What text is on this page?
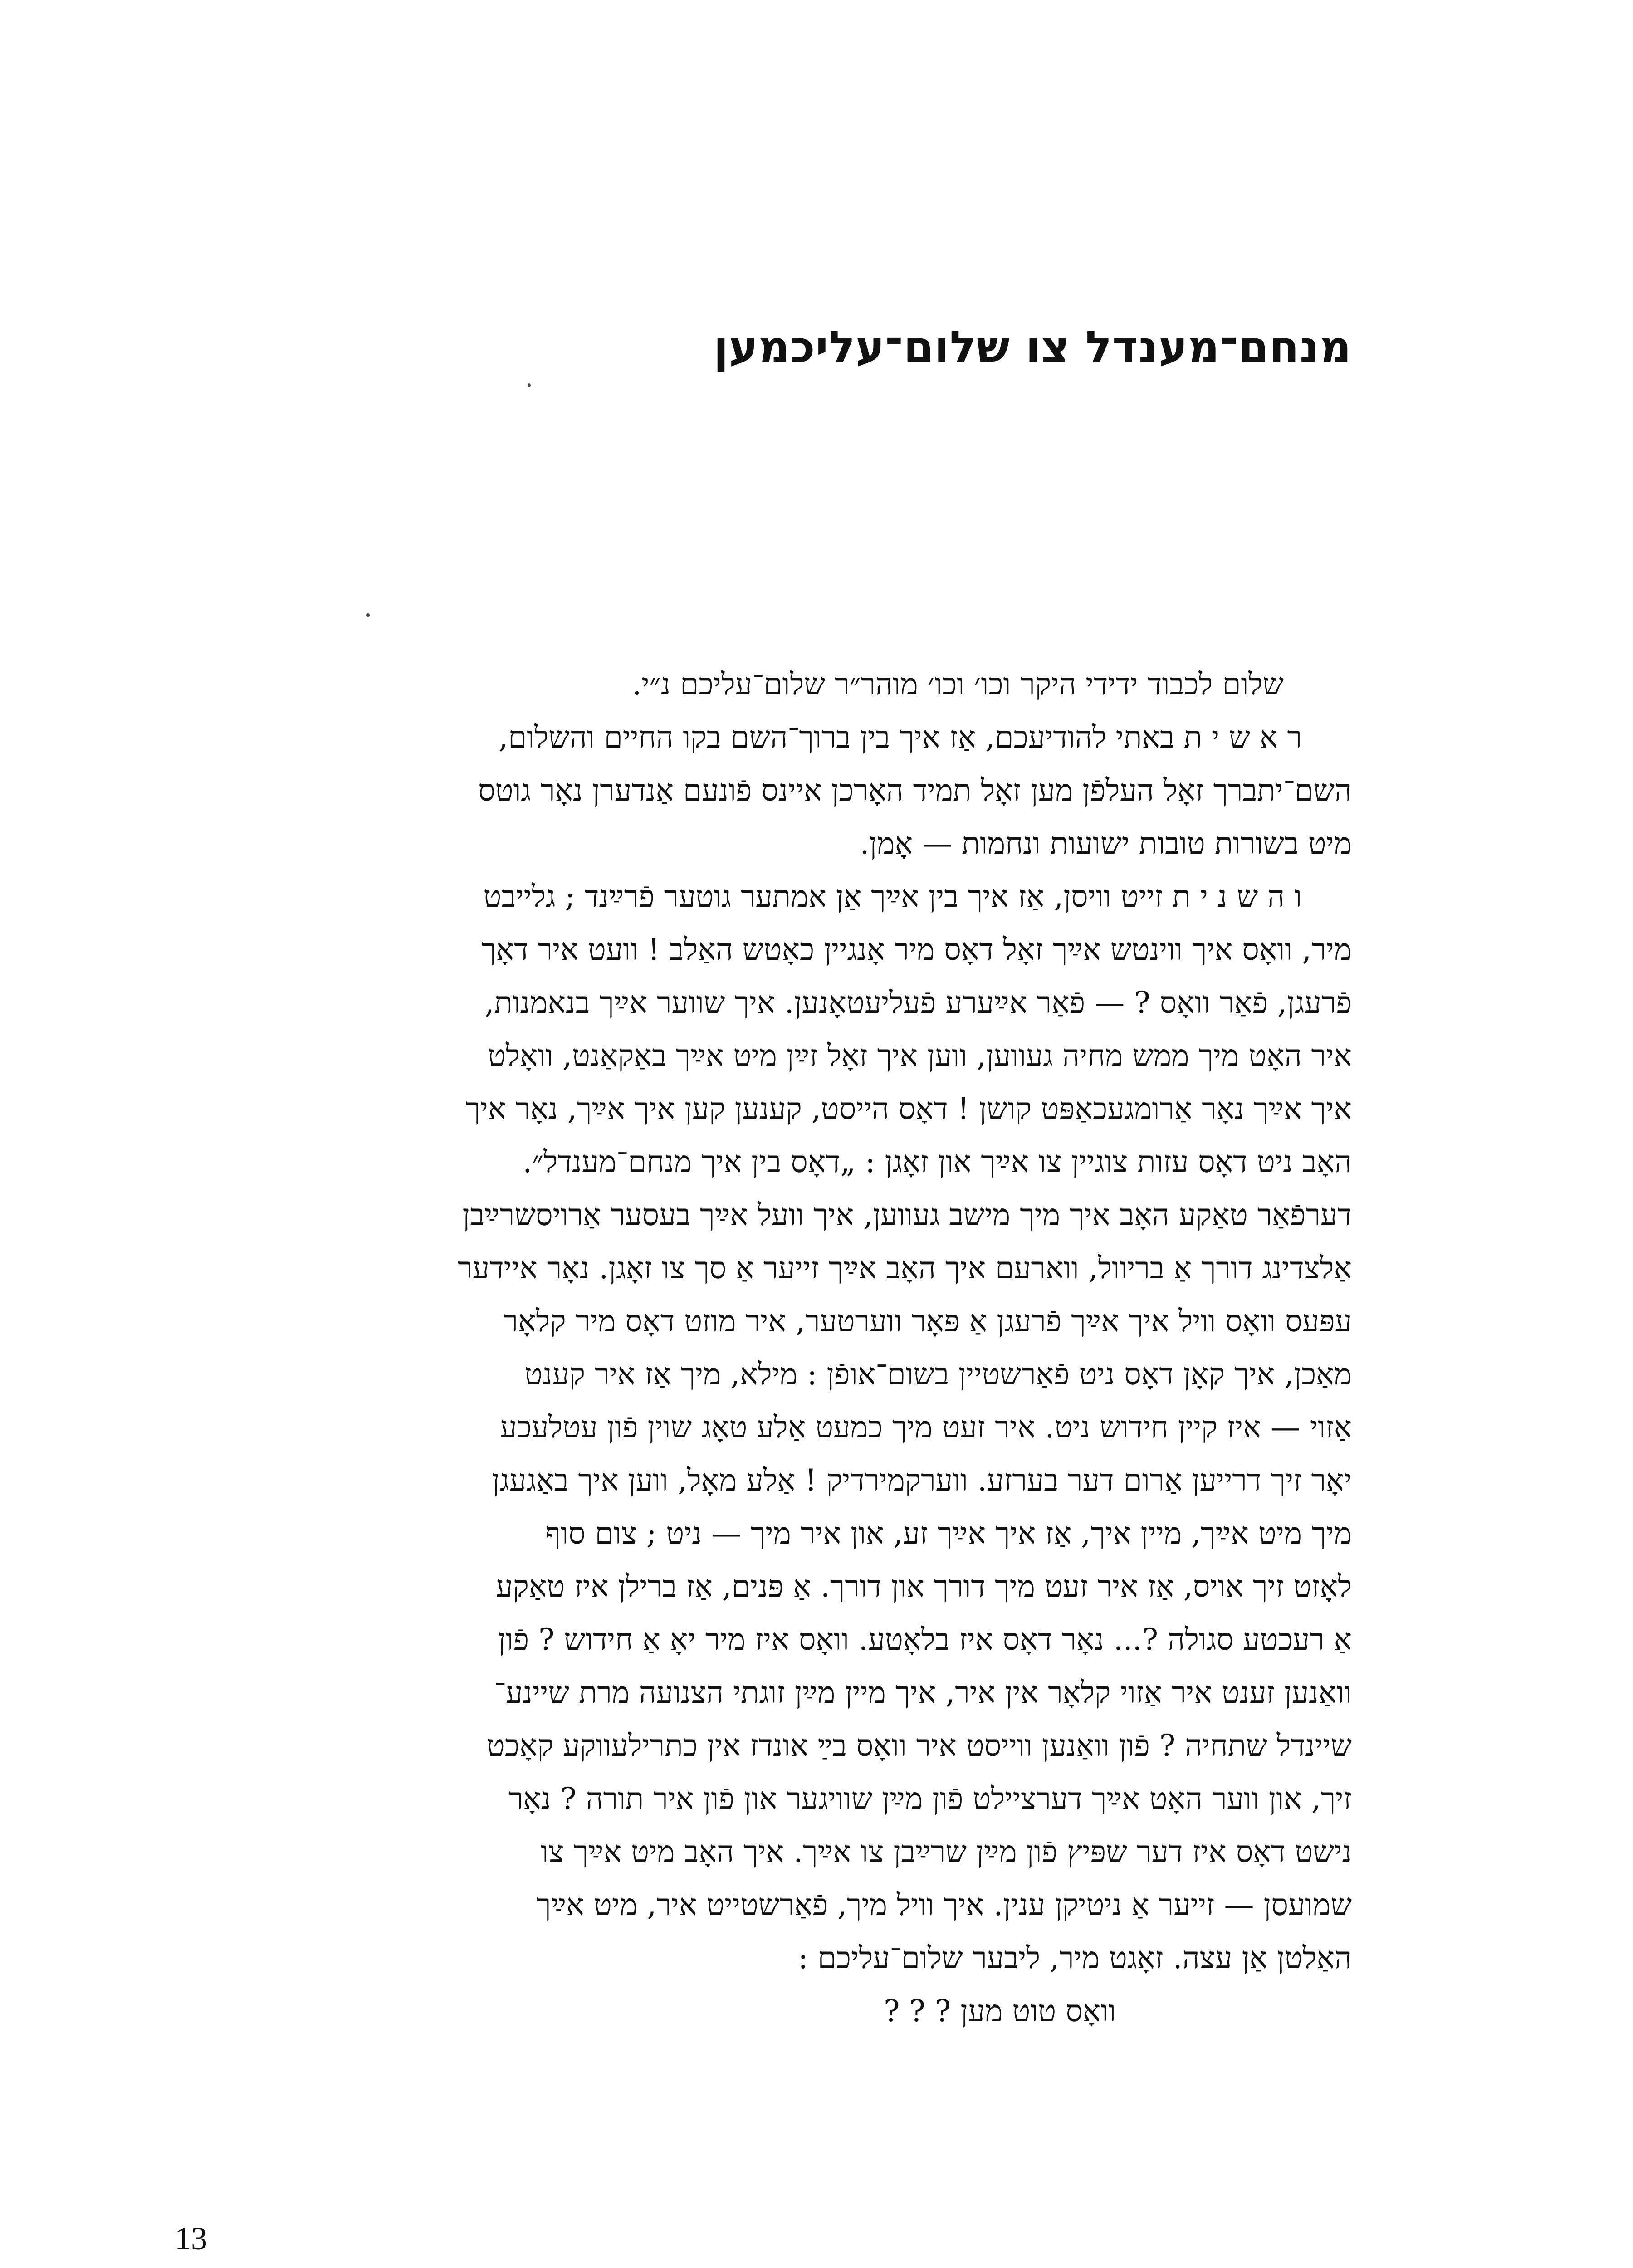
מנחם־מענדל צו שלום־עליכמען
שלום לכבוד ידידי היקר וכו׳ וכו׳ מוהר״ר שלום־עליכם נ״י.
ר א ש י ת באתי להודיעכם, אַז איך בין ברוך־השם בקו החיים והשלום,
השם־יתברך זאָל העלפֿן מען זאָל תמיד האָרכן איינס פֿונעם אַנדערן נאָר גוטס
מיט בשורות טובות ישועות ונחמות — אָמן.
ו ה ש נ י ת זייט וויסן, אַז איך בין אײַך אַן אמתער גוטער פֿרײַנד ; גלייבט
מיר, וואָס איך ווינטש אײַך זאָל דאָס מיר אָנגיין כאָטש האַלב ! וועט איר דאָך
פֿרעגן, פֿאַר וואָס ? — פֿאַר אײַערע פֿעליעטאָנען. איך שווער אײַך בנאמנות,
איר האָט מיך ממש מחיה געווען, ווען איך זאָל זײַן מיט אײַך באַקאַנט, וואָלט
איך אײַך נאָר אַרומגעכאַפּט קושן ! דאָס הייסט, קענען קען איך אײַך, נאָר איך
האָב ניט דאָס עזות צוגיין צו אײַך און זאָגן : „דאָס בין איך מנחם־מענדל״.
דערפֿאַר טאַקע האָב איך מיך מישב געווען, איך וועל אײַך בעסער אַרויסשרײַבן
אַלצדינג דורך אַ בריוול, ווארעם איך האָב אײַך זייער אַ סך צו זאָגן. נאָר איידער
עפּעס וואָס וויל איך אײַך פֿרעגן אַ פּאָר ווערטער, איר מוזט דאָס מיר קלאָר
מאַכן, איך קאָן דאָס ניט פֿאַרשטיין בשום־אופֿן : מילא, מיך אַז איר קענט
אַזוי — איז קיין חידוש ניט. איר זעט מיך כמעט אַלע טאָג שוין פֿון עטלעכע
יאָר זיך דרייען אַרום דער בערזע. ווערקמירדיק ! אַלע מאָל, ווען איך באַגעגן
מיך מיט אײַך, מיין איך, אַז איך אײַך זע, און איר מיך — ניט ; צום סוף
לאָזט זיך אויס, אַז איר זעט מיך דורך און דורך. אַ פּנים, אַז ברילן איז טאַקע
אַ רעכטע סגולה ?... נאָר דאָס איז בלאָטע. וואָס איז מיר יאָ אַ חידוש ? פֿון
וואַנען זענט איר אַזוי קלאָר אין איר, איך מיין מײַן זוגתי הצנועה מרת שיינע־
שיינדל שתחיה ? פֿון וואַנען ווייסט איר וואָס בײַ אונדז אין כתרילעווקע קאָכט
זיך, און ווער האָט אײַך דערציילט פֿון מײַן שוויגער און פֿון איר תורה ? נאָר
נישט דאָס איז דער שפּיץ פֿון מײַן שרײַבן צו אײַך. איך האָב מיט אײַך צו
שמועסן — זייער אַ ניטיקן ענין. איך וויל מיך, פֿאַרשטייט איר, מיט אײַך
האַלטן אַן עצה. זאָגט מיר, ליבער שלום־עליכם :
וואָס טוט מען ? ? ?
13
